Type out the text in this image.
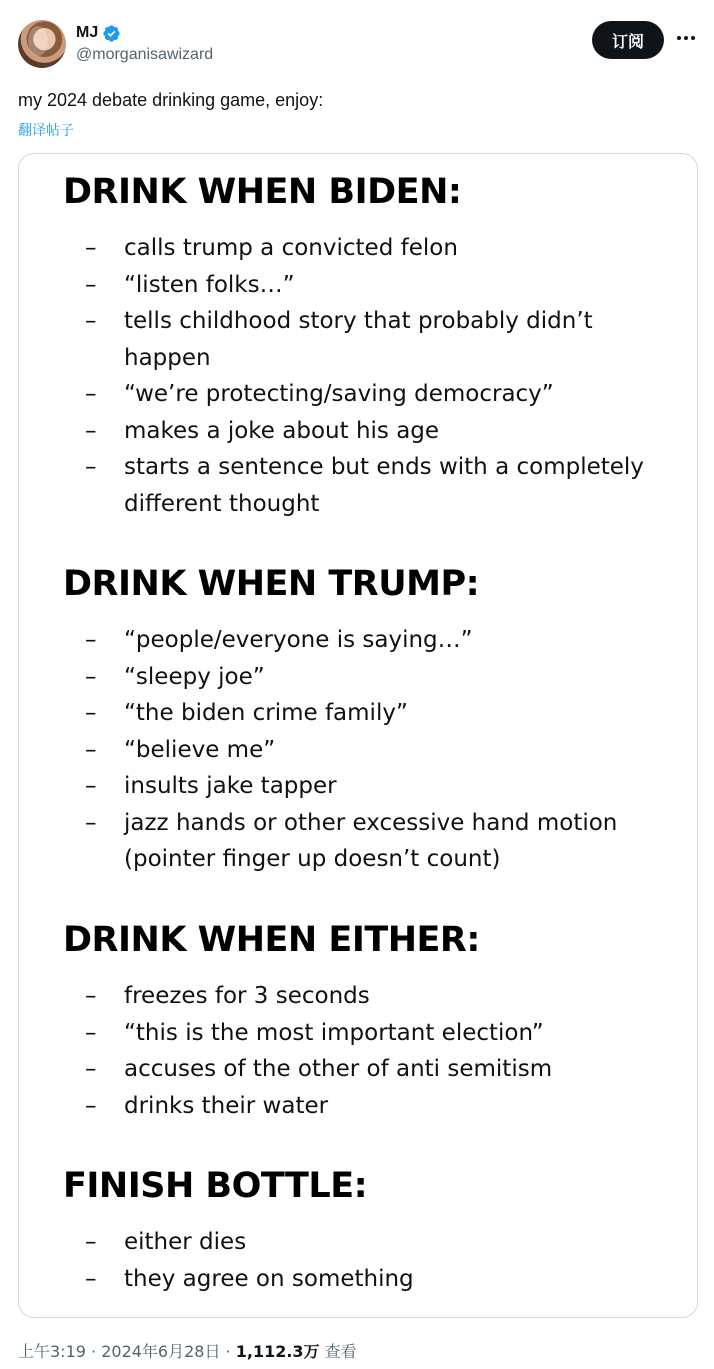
MJ
@morganisawizard
订阅
my 2024 debate drinking game, enjoy:
翻译帖子
DRINK WHEN BIDEN:
– calls trump a convicted felon
– “listen folks…”
– tells childhood story that probably didn’t happen
– “we’re protecting/saving democracy”
– makes a joke about his age
– starts a sentence but ends with a completely different thought
DRINK WHEN TRUMP:
– “people/everyone is saying…”
– “sleepy joe”
– “the biden crime family”
– “believe me”
– insults jake tapper
– jazz hands or other excessive hand motion (pointer finger up doesn’t count)
DRINK WHEN EITHER:
– freezes for 3 seconds
– “this is the most important election”
– accuses of the other of anti semitism
– drinks their water
FINISH BOTTLE:
– either dies
– they agree on something
上午3:19 · 2024年6月28日 · 1,112.3万 查看
